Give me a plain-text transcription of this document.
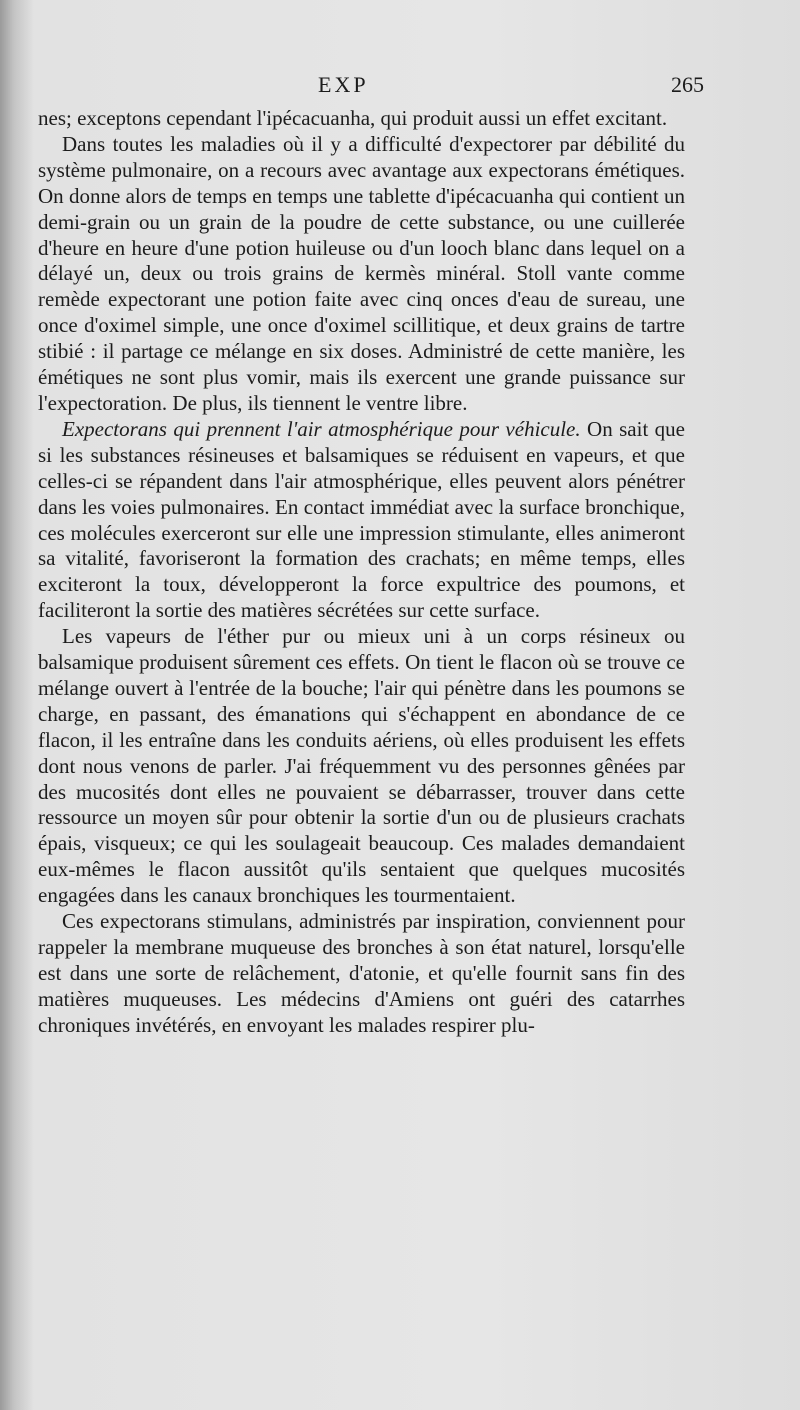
EXP	265

nes; exceptons cependant l'ipécacuanha, qui produit aussi un effet excitant.

Dans toutes les maladies où il y a difficulté d'expectorer par débilité du système pulmonaire, on a recours avec avantage aux expectorans émétiques. On donne alors de temps en temps une tablette d'ipécacuanha qui contient un demi-grain ou un grain de la poudre de cette substance, ou une cuillerée d'heure en heure d'une potion huileuse ou d'un looch blanc dans lequel on a délayé un, deux ou trois grains de kermès minéral. Stoll vante comme remède expectorant une potion faite avec cinq onces d'eau de sureau, une once d'oximel simple, une once d'oximel scillitique, et deux grains de tartre stibié : il partage ce mélange en six doses. Administré de cette manière, les émétiques ne sont plus vomir, mais ils exercent une grande puissance sur l'expectoration. De plus, ils tiennent le ventre libre.

Expectorans qui prennent l'air atmosphérique pour véhicule. On sait que si les substances résineuses et balsamiques se réduisent en vapeurs, et que celles-ci se répandent dans l'air atmosphérique, elles peuvent alors pénétrer dans les voies pulmonaires. En contact immédiat avec la surface bronchique, ces molécules exerceront sur elle une impression stimulante, elles animeront sa vitalité, favoriseront la formation des crachats; en même temps, elles exciteront la toux, développeront la force expultrice des poumons, et faciliteront la sortie des matières sécrétées sur cette surface.

Les vapeurs de l'éther pur ou mieux uni à un corps résineux ou balsamique produisent sûrement ces effets. On tient le flacon où se trouve ce mélange ouvert à l'entrée de la bouche; l'air qui pénètre dans les poumons se charge, en passant, des émanations qui s'échappent en abondance de ce flacon, il les entraîne dans les conduits aériens, où elles produisent les effets dont nous venons de parler. J'ai fréquemment vu des personnes gênées par des mucosités dont elles ne pouvaient se débarrasser, trouver dans cette ressource un moyen sûr pour obtenir la sortie d'un ou de plusieurs crachats épais, visqueux; ce qui les soulageait beaucoup. Ces malades demandaient eux-mêmes le flacon aussitôt qu'ils sentaient que quelques mucosités engagées dans les canaux bronchiques les tourmentaient.

Ces expectorans stimulans, administrés par inspiration, conviennent pour rappeler la membrane muqueuse des bronches à son état naturel, lorsqu'elle est dans une sorte de relâchement, d'atonie, et qu'elle fournit sans fin des matières muqueuses. Les médecins d'Amiens ont guéri des catarrhes chroniques invétérés, en envoyant les malades respirer plu-
